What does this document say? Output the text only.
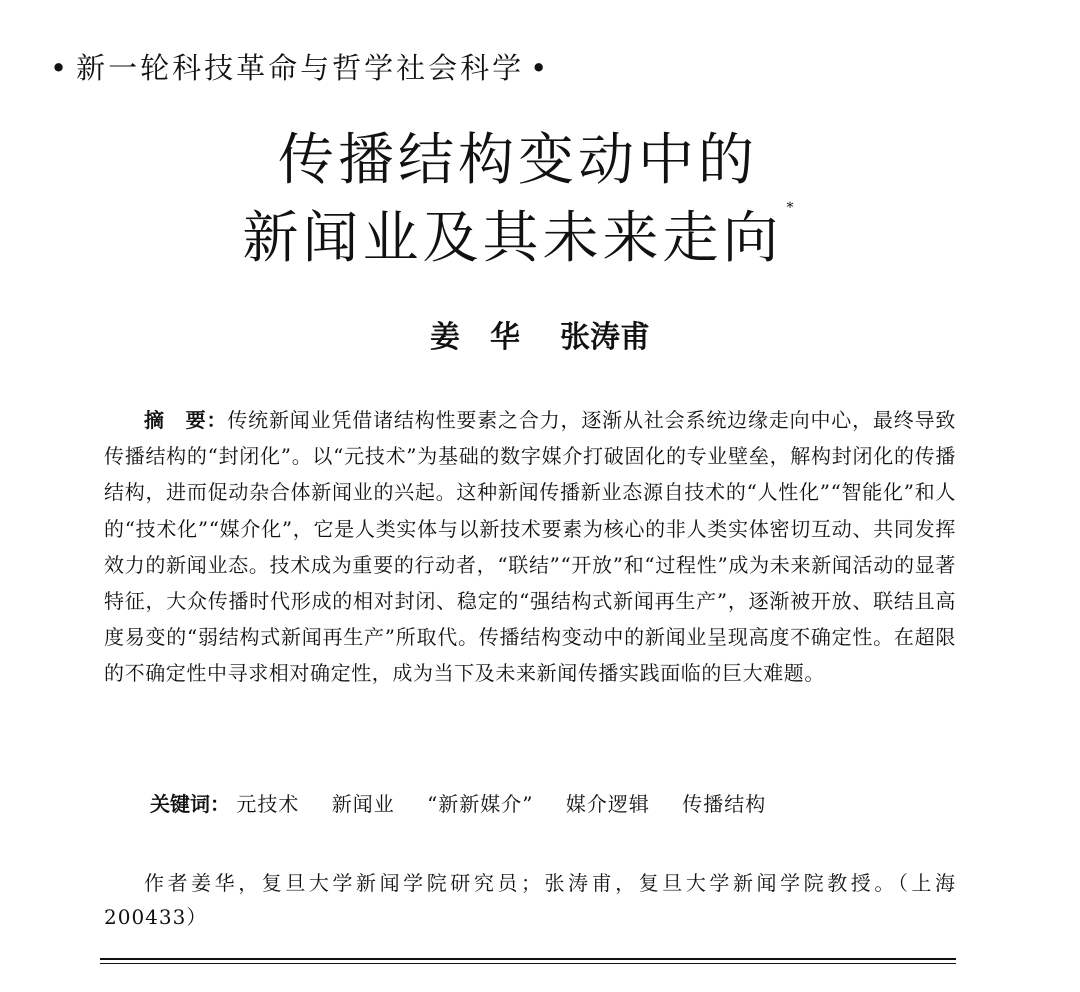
• 新一轮科技革命与哲学社会科学 •
传播结构变动中的
新闻业及其未来走向 *
姜华 张涛甫
摘　要：传统新闻业凭借诸结构性要素之合力，逐渐从社会系统边缘走向中心，最终导致传播结构的“封闭化”。以“元技术”为基础的数字媒介打破固化的专业壁垒，解构封闭化的传播结构，进而促动杂合体新闻业的兴起。这种新闻传播新业态源自技术的“人性化”“智能化”和人的“技术化”“媒介化”，它是人类实体与以新技术要素为核心的非人类实体密切互动、共同发挥效力的新闻业态。技术成为重要的行动者，“联结”“开放”和“过程性”成为未来新闻活动的显著特征，大众传播时代形成的相对封闭、稳定的“强结构式新闻再生产”，逐渐被开放、联结且高度易变的“弱结构式新闻再生产”所取代。传播结构变动中的新闻业呈现高度不确定性。在超限的不确定性中寻求相对确定性，成为当下及未来新闻传播实践面临的巨大难题。
关键词： 元技术 新闻业 “新新媒介” 媒介逻辑 传播结构
作者姜华，复旦大学新闻学院研究员；张涛甫，复旦大学新闻学院教授。（上海 200433）
